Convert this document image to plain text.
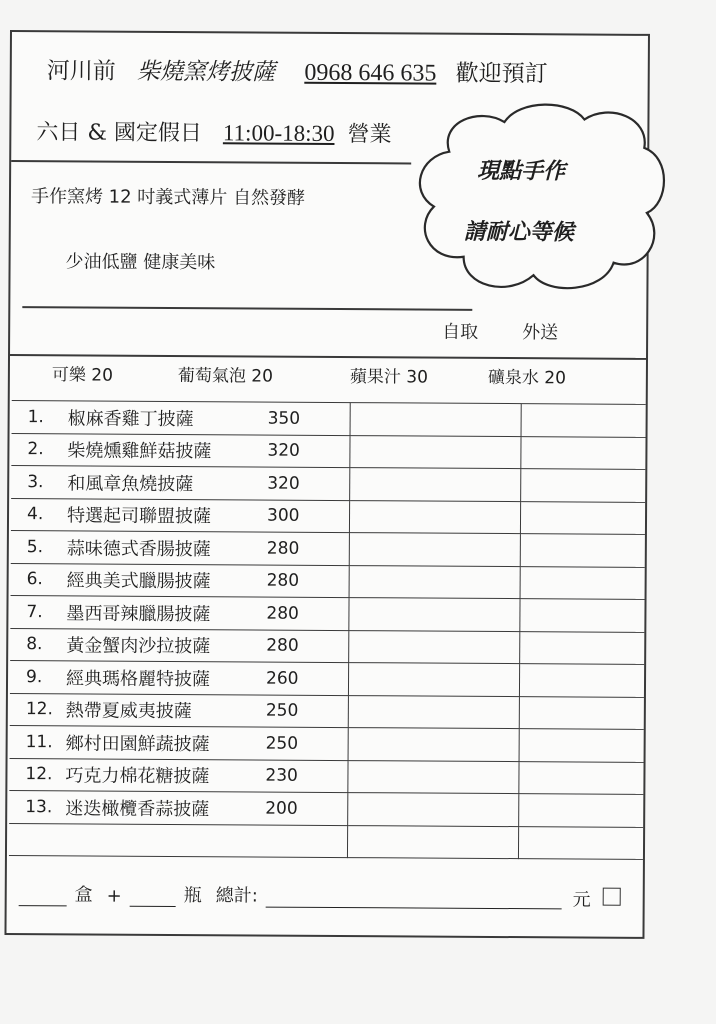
河川前 柴燒窯烤披薩 0968 646 635 歡迎預訂
六日 & 國定假日 11:00-18:30 營業
手作窯烤 12 吋義式薄片 自然發酵
少油低鹽 健康美味
現點手作
請耐心等候
自取 外送
可樂 20	葡萄氣泡 20	蘋果汁 30	礦泉水 20
1. 椒麻香雞丁披薩 350		

2. 柴燒燻雞鮮菇披薩 320		

3. 和風章魚燒披薩 320		

4. 特選起司聯盟披薩 300		

5. 蒜味德式香腸披薩 280		

6. 經典美式臘腸披薩 280		

7. 墨西哥辣臘腸披薩 280		

8. 黃金蟹肉沙拉披薩 280		

9. 經典瑪格麗特披薩 260		

12. 熱帶夏威夷披薩 250		

11. 鄉村田園鮮蔬披薩 250		

12. 巧克力棉花糖披薩 230		

13. 迷迭橄欖香蒜披薩 200		

盒 +	瓶 總計:	元
